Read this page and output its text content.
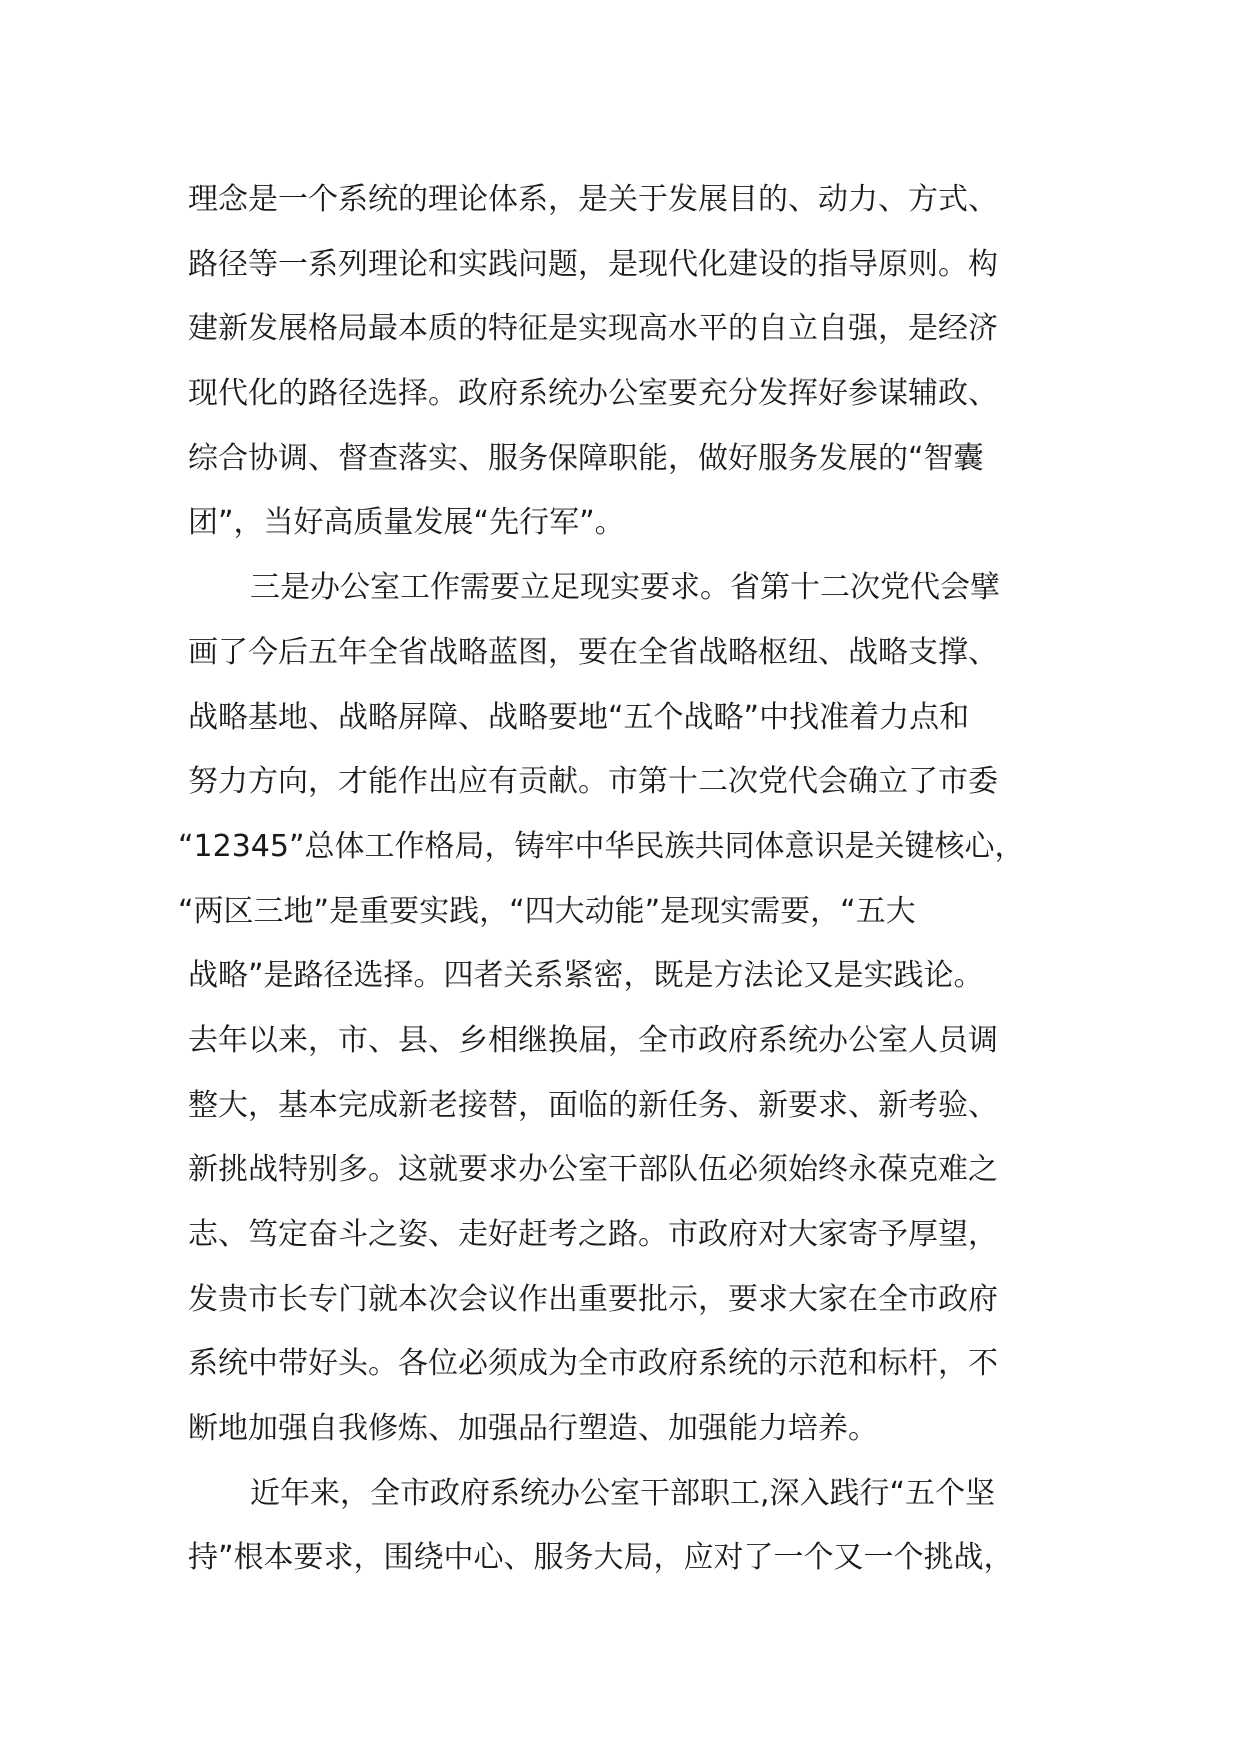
理念是一个系统的理论体系，是关于发展目的、动力、方式、
路径等一系列理论和实践问题，是现代化建设的指导原则。构
建新发展格局最本质的特征是实现高水平的自立自强，是经济
现代化的路径选择。政府系统办公室要充分发挥好参谋辅政、
综合协调、督查落实、服务保障职能，做好服务发展的“智囊
团”，当好高质量发展“先行军”。
三是办公室工作需要立足现实要求。省第十二次党代会擘
画了今后五年全省战略蓝图，要在全省战略枢纽、战略支撑、
战略基地、战略屏障、战略要地“五个战略”中找准着力点和
努力方向，才能作出应有贡献。市第十二次党代会确立了市委
“12345”总体工作格局，铸牢中华民族共同体意识是关键核心，
“两区三地”是重要实践，“四大动能”是现实需要，“五大
战略”是路径选择。四者关系紧密，既是方法论又是实践论。
去年以来，市、县、乡相继换届，全市政府系统办公室人员调
整大，基本完成新老接替，面临的新任务、新要求、新考验、
新挑战特别多。这就要求办公室干部队伍必须始终永葆克难之
志、笃定奋斗之姿、走好赶考之路。市政府对大家寄予厚望，
发贵市长专门就本次会议作出重要批示，要求大家在全市政府
系统中带好头。各位必须成为全市政府系统的示范和标杆，不
断地加强自我修炼、加强品行塑造、加强能力培养。
近年来，全市政府系统办公室干部职工,深入践行“五个坚
持”根本要求，围绕中心、服务大局，应对了一个又一个挑战，
